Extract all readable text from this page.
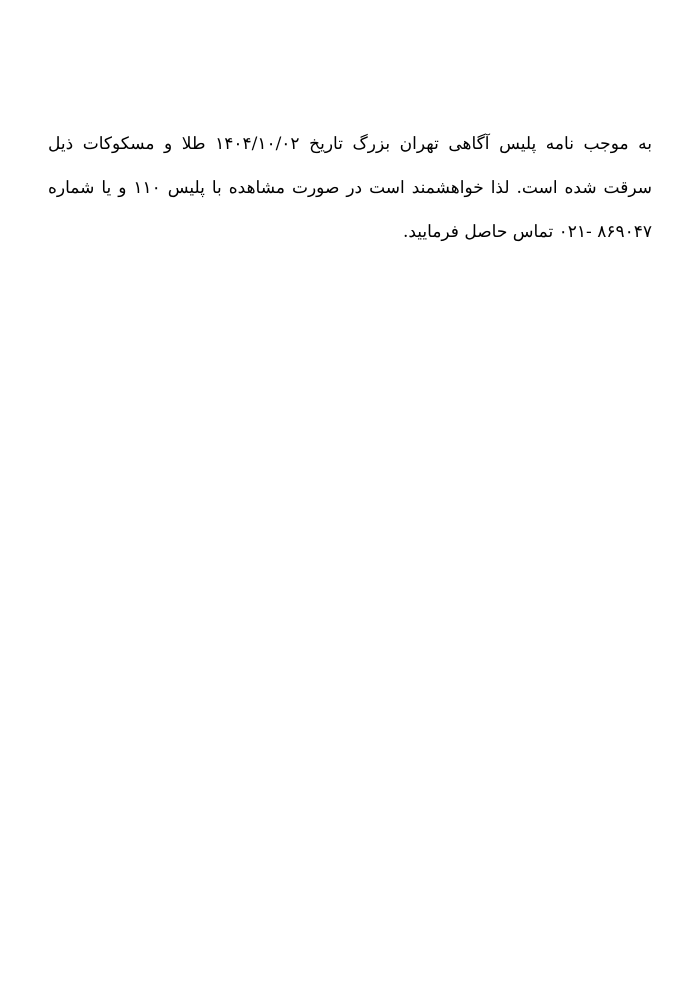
به موجب نامه پلیس آگاهی تهران بزرگ تاریخ ۱۴۰۴/۱۰/۰۲ طلا و مسکوکات ذیل
سرقت شده است. لذا خواهشمند است در صورت مشاهده با پلیس ۱۱۰ و یا شماره
۸۶۹۰۴۷ -۰۲۱ تماس حاصل فرمایید.
